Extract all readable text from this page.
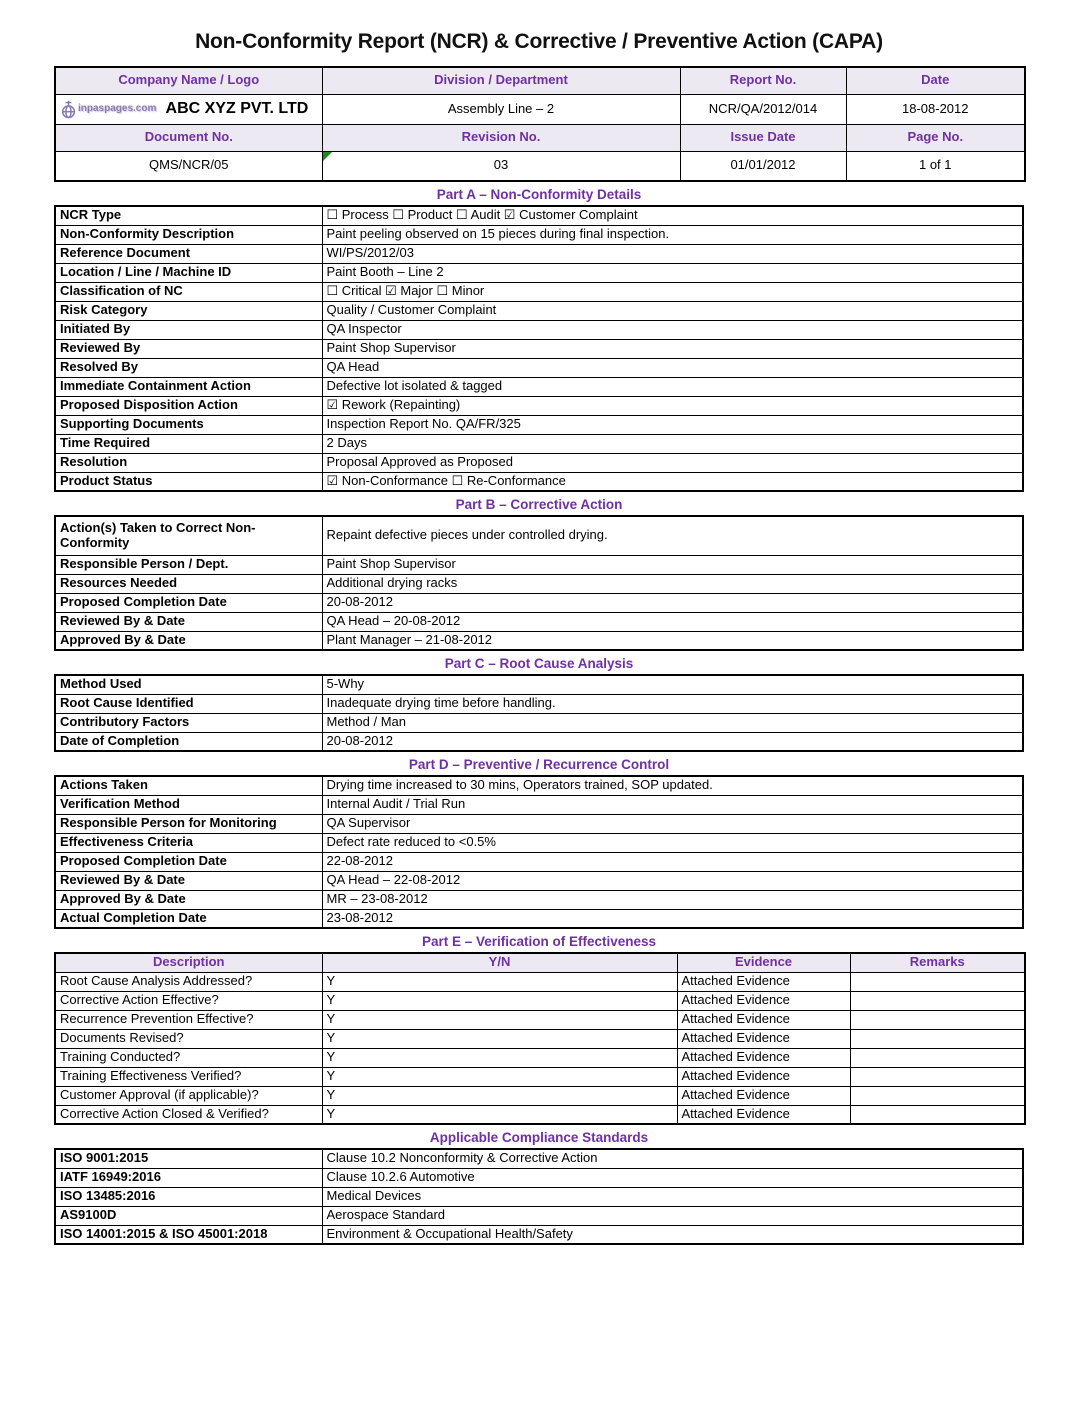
Non-Conformity Report (NCR) & Corrective / Preventive Action (CAPA)
Company Name / Logo	Division / Department	Report No.	Date

inpaspages.com ABC XYZ PVT. LTD	Assembly Line – 2	NCR/QA/2012/014	18-08-2012
Document No.	Revision No.	Issue Date	Page No.
QMS/NCR/05	03	01/01/2012	1 of 1
Part A – Non-Conformity Details
NCR Type	☐ Process ☐ Product ☐ Audit ☑ Customer Complaint
Non-Conformity Description	Paint peeling observed on 15 pieces during final inspection.
Reference Document	WI/PS/2012/03
Location / Line / Machine ID	Paint Booth – Line 2
Classification of NC	☐ Critical ☑ Major ☐ Minor
Risk Category	Quality / Customer Complaint
Initiated By	QA Inspector
Reviewed By	Paint Shop Supervisor
Resolved By	QA Head
Immediate Containment Action	Defective lot isolated & tagged
Proposed Disposition Action	☑ Rework (Repainting)
Supporting Documents	Inspection Report No. QA/FR/325
Time Required	2 Days
Resolution	Proposal Approved as Proposed
Product Status	☑ Non-Conformance ☐ Re-Conformance
Part B – Corrective Action
Action(s) Taken to Correct Non-Conformity	Repaint defective pieces under controlled drying.
Responsible Person / Dept.	Paint Shop Supervisor
Resources Needed	Additional drying racks
Proposed Completion Date	20-08-2012
Reviewed By & Date	QA Head – 20-08-2012
Approved By & Date	Plant Manager – 21-08-2012
Part C – Root Cause Analysis
Method Used	5-Why
Root Cause Identified	Inadequate drying time before handling.
Contributory Factors	Method / Man
Date of Completion	20-08-2012
Part D – Preventive / Recurrence Control
Actions Taken	Drying time increased to 30 mins, Operators trained, SOP updated.
Verification Method	Internal Audit / Trial Run
Responsible Person for Monitoring	QA Supervisor
Effectiveness Criteria	Defect rate reduced to <0.5%
Proposed Completion Date	22-08-2012
Reviewed By & Date	QA Head – 22-08-2012
Approved By & Date	MR – 23-08-2012
Actual Completion Date	23-08-2012
Part E – Verification of Effectiveness
Description	Y/N	Evidence	Remarks
Root Cause Analysis Addressed?	Y	Attached Evidence	
Corrective Action Effective?	Y	Attached Evidence	
Recurrence Prevention Effective?	Y	Attached Evidence	
Documents Revised?	Y	Attached Evidence	
Training Conducted?	Y	Attached Evidence	
Training Effectiveness Verified?	Y	Attached Evidence	
Customer Approval (if applicable)?	Y	Attached Evidence	
Corrective Action Closed & Verified?	Y	Attached Evidence	
Applicable Compliance Standards
ISO 9001:2015	Clause 10.2 Nonconformity & Corrective Action
IATF 16949:2016	Clause 10.2.6 Automotive
ISO 13485:2016	Medical Devices
AS9100D	Aerospace Standard
ISO 14001:2015 & ISO 45001:2018	Environment & Occupational Health/Safety
